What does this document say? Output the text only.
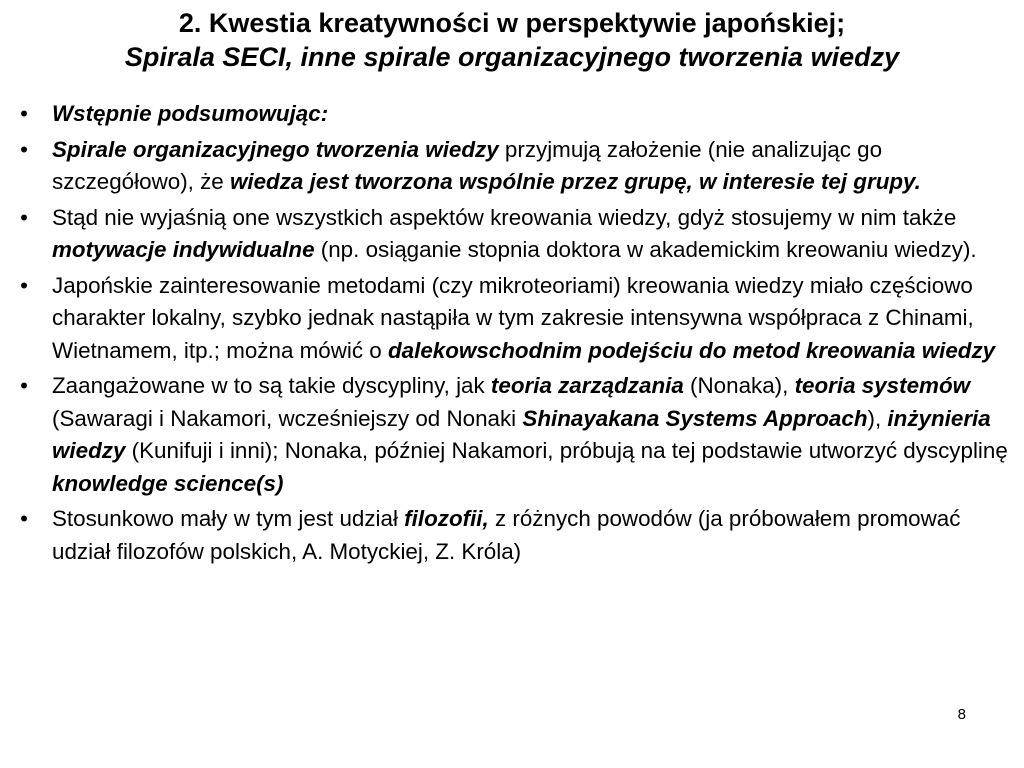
2. Kwestia kreatywności w perspektywie japońskiej;
Spirala SECI, inne spirale organizacyjnego tworzenia wiedzy
• Wstępnie podsumowując:
• Spirale organizacyjnego tworzenia wiedzy przyjmują założenie (nie analizując go szczegółowo), że wiedza jest tworzona wspólnie przez grupę, w interesie tej grupy.
• Stąd nie wyjaśnią one wszystkich aspektów kreowania wiedzy, gdyż stosujemy w nim także motywacje indywidualne (np. osiąganie stopnia doktora w akademickim kreowaniu wiedzy).
• Japońskie zainteresowanie metodami (czy mikroteoriami) kreowania wiedzy miało częściowo charakter lokalny, szybko jednak nastąpiła w tym zakresie intensywna współpraca z Chinami, Wietnamem, itp.; można mówić o dalekowschodnim podejściu do metod kreowania wiedzy
• Zaangażowane w to są takie dyscypliny, jak teoria zarządzania (Nonaka), teoria systemów (Sawaragi i Nakamori, wcześniejszy od Nonaki Shinayakana Systems Approach), inżynieria wiedzy (Kunifuji i inni); Nonaka, później Nakamori, próbują na tej podstawie utworzyć dyscyplinę knowledge science(s)
• Stosunkowo mały w tym jest udział filozofii, z różnych powodów (ja próbowałem promować udział filozofów polskich, A. Motyckiej, Z. Króla)
8
